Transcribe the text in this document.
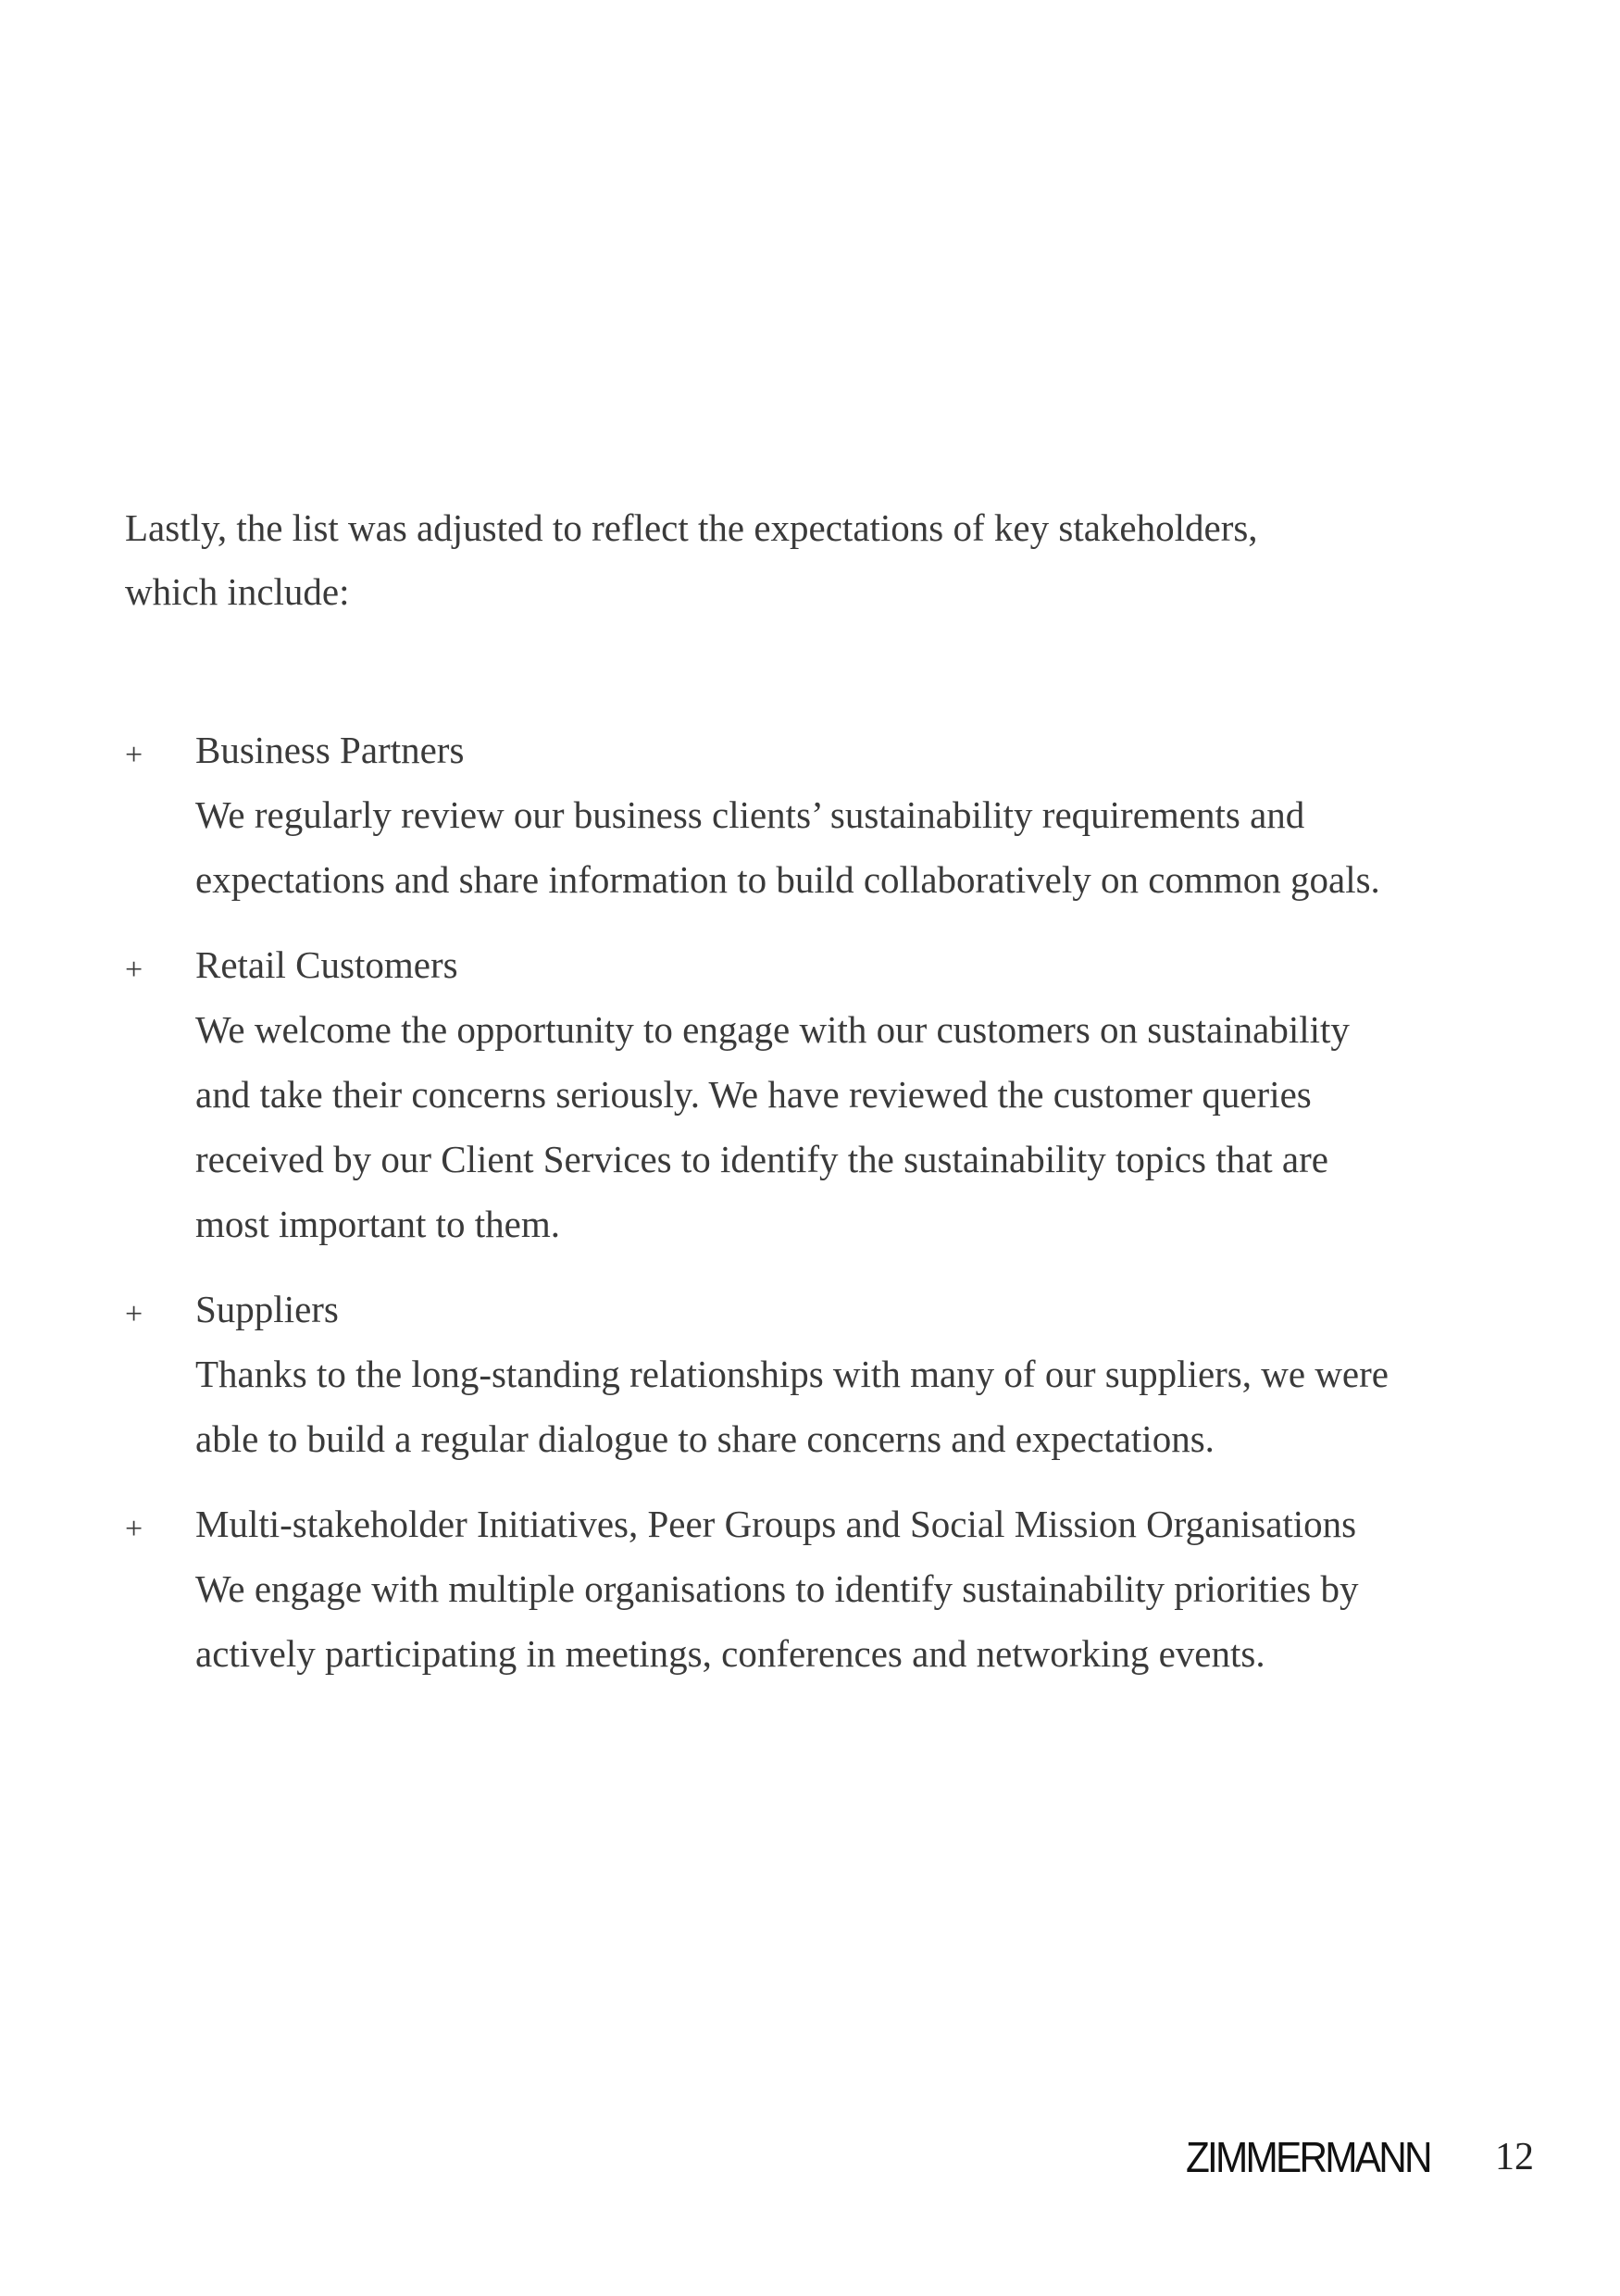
Lastly, the list was adjusted to reflect the expectations of key stakeholders,
which include:

+ Business Partners
We regularly review our business clients’ sustainability requirements and
expectations and share information to build collaboratively on common goals.
+ Retail Customers
We welcome the opportunity to engage with our customers on sustainability
and take their concerns seriously. We have reviewed the customer queries
received by our Client Services to identify the sustainability topics that are
most important to them.
+ Suppliers
Thanks to the long-standing relationships with many of our suppliers, we were
able to build a regular dialogue to share concerns and expectations.
+ Multi-stakeholder Initiatives, Peer Groups and Social Mission Organisations
We engage with multiple organisations to identify sustainability priorities by
actively participating in meetings, conferences and networking events.
ZIMMERMANN 12
